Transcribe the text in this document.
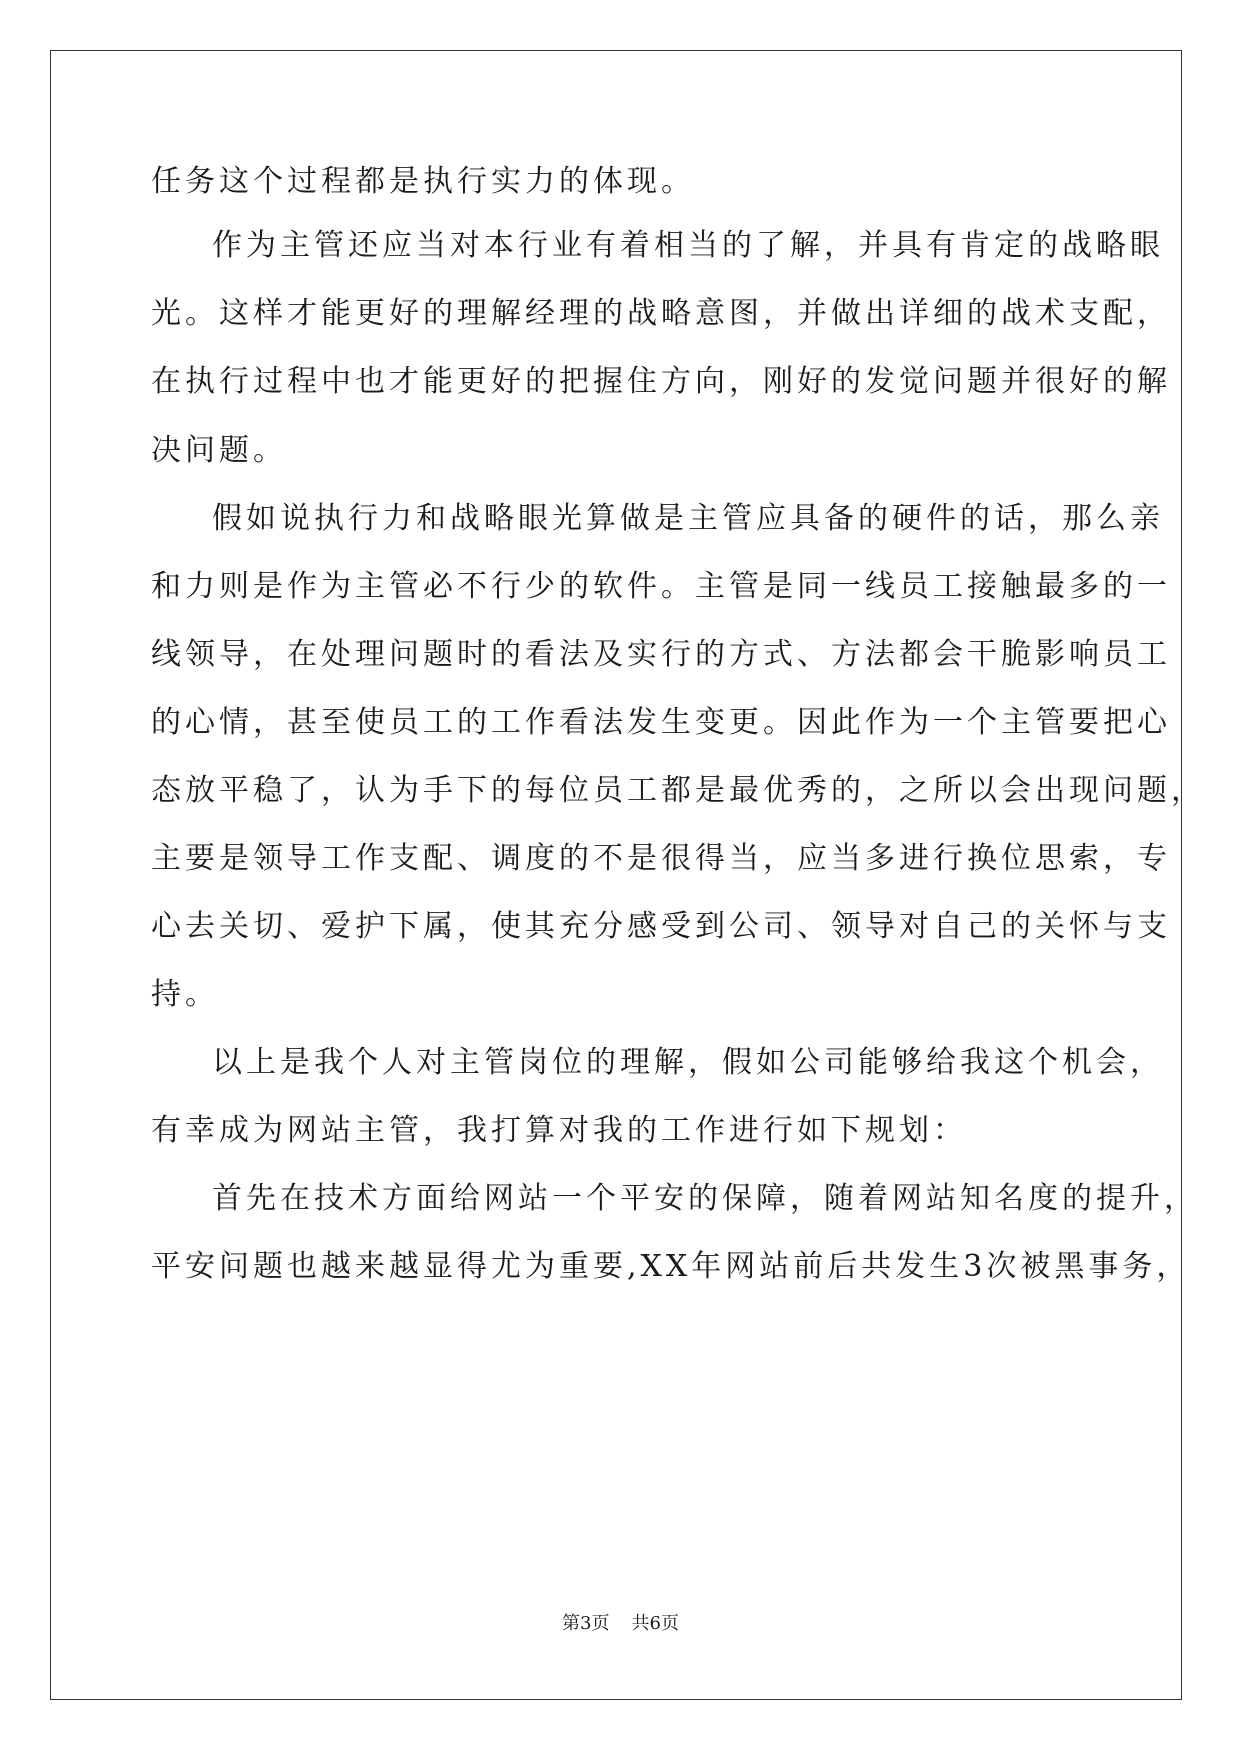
任务这个过程都是执行实力的体现。
作为主管还应当对本行业有着相当的了解，并具有肯定的战略眼
光。这样才能更好的理解经理的战略意图，并做出详细的战术支配，
在执行过程中也才能更好的把握住方向，刚好的发觉问题并很好的解
决问题。
假如说执行力和战略眼光算做是主管应具备的硬件的话，那么亲
和力则是作为主管必不行少的软件。主管是同一线员工接触最多的一
线领导，在处理问题时的看法及实行的方式、方法都会干脆影响员工
的心情，甚至使员工的工作看法发生变更。因此作为一个主管要把心
态放平稳了，认为手下的每位员工都是最优秀的，之所以会出现问题，
主要是领导工作支配、调度的不是很得当，应当多进行换位思索，专
心去关切、爱护下属，使其充分感受到公司、领导对自己的关怀与支
持。
以上是我个人对主管岗位的理解，假如公司能够给我这个机会，
有幸成为网站主管，我打算对我的工作进行如下规划：
首先在技术方面给网站一个平安的保障，随着网站知名度的提升，
平安问题也越来越显得尤为重要,XX年网站前后共发生3次被黑事务，
第3页 共6页
